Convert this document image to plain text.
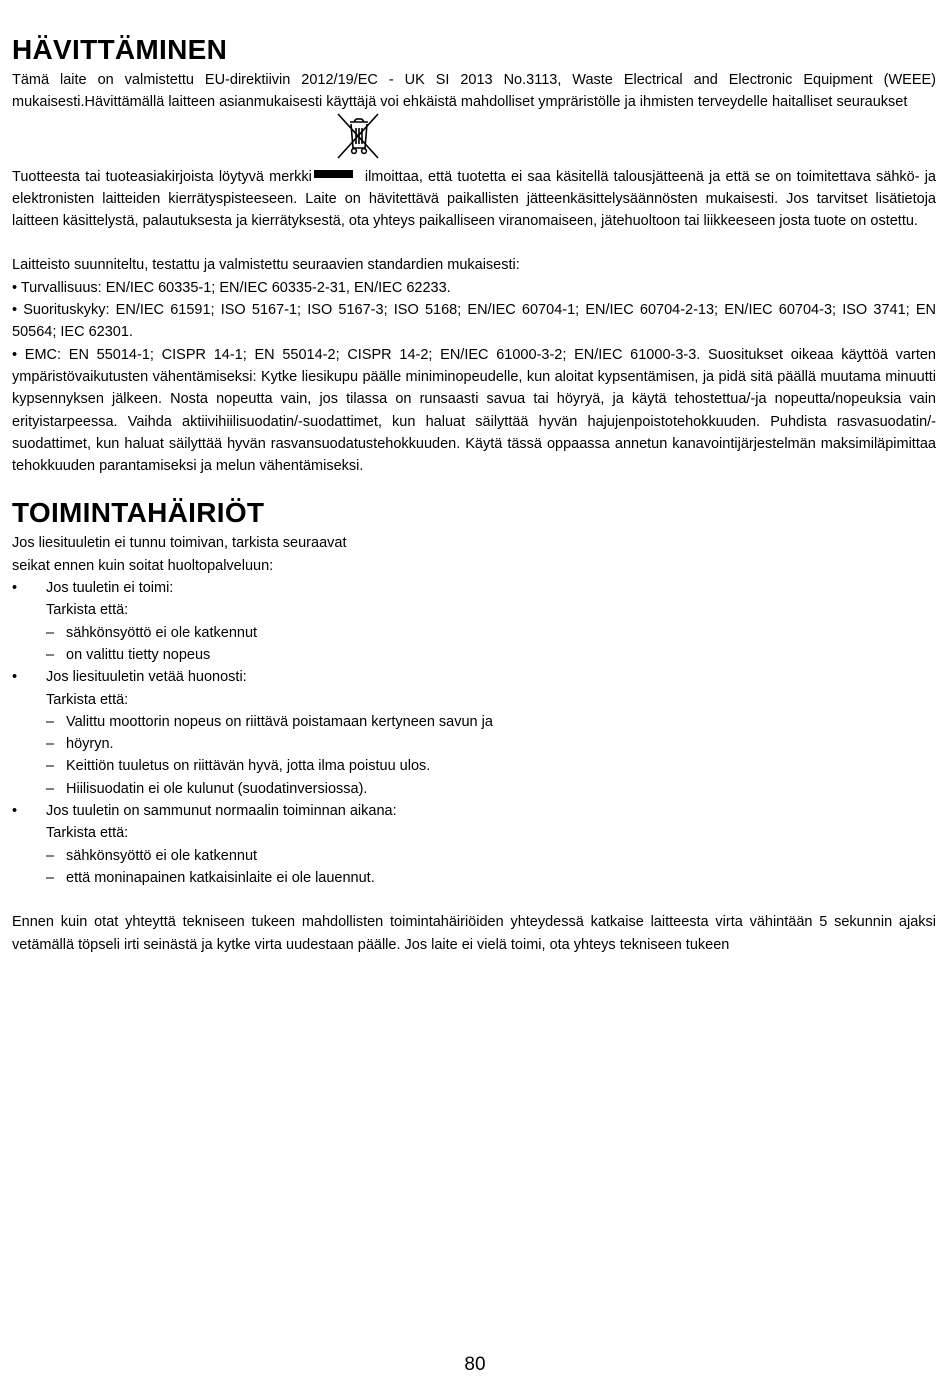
HÄVITTÄMINEN

Tämä laite on valmistettu EU-direktiivin 2012/19/EC - UK SI 2013 No.3113, Waste Electrical and Electronic Equipment (WEEE) mukaisesti.Hävittämällä laitteen asianmukaisesti käyttäjä voi ehkäistä mahdolliset ympräristölle ja ihmisten terveydelle haitalliset seuraukset

Tuotteesta tai tuoteasiakirjoista löytyvä merkki	ilmoittaa, että tuotetta ei saa käsitellä talousjätteenä ja että se on toimitettava sähkö- ja elektronisten laitteiden kierrätyspisteeseen. Laite on hävitettävä paikallisten jätteenkäsittelysäännösten mukaisesti. Jos tarvitset lisätietoja laitteen käsittelystä, palautuksesta ja kierrätyksestä, ota yhteys paikalliseen viranomaiseen, jätehuoltoon tai liikkeeseen josta tuote on ostettu.

Laitteisto suunniteltu, testattu ja valmistettu seuraavien standardien mukaisesti:

• Turvallisuus: EN/IEC 60335-1; EN/IEC 60335-2-31, EN/IEC 62233.

• Suorituskyky: EN/IEC 61591; ISO 5167-1; ISO 5167-3; ISO 5168; EN/IEC 60704-1; EN/IEC 60704-2-13; EN/IEC 60704-3; ISO 3741; EN 50564; IEC 62301.

• EMC: EN 55014-1; CISPR 14-1; EN 55014-2; CISPR 14-2; EN/IEC 61000-3-2; EN/IEC 61000-3-3. Suositukset oikeaa käyttöä varten ympäristövaikutusten vähentämiseksi: Kytke liesikupu päälle miniminopeudelle, kun aloitat kypsentämisen, ja pidä sitä päällä muutama minuutti kypsennyksen jälkeen. Nosta nopeutta vain, jos tilassa on runsaasti savua tai höyryä, ja käytä tehostettua/-ja nopeutta/nopeuksia vain erityistarpeessa. Vaihda aktiivihiilisuodatin/-suodattimet, kun haluat säilyttää hyvän hajujenpoistotehokkuuden. Puhdista rasvasuodatin/-suodattimet, kun haluat säilyttää hyvän rasvansuodatustehokkuuden. Käytä tässä oppaassa annetun kanavointijärjestelmän maksimiläpimittaa tehokkuuden parantamiseksi ja melun vähentämiseksi.

TOIMINTAHÄIRIÖT

Jos liesituuletin ei tunnu toimivan, tarkista seuraavat

seikat ennen kuin soitat huoltopalveluun:

• Jos tuuletin ei toimi:
Tarkista että:
– sähkönsyöttö ei ole katkennut
– on valittu tietty nopeus
• Jos liesituuletin vetää huonosti:
Tarkista että:
– Valittu moottorin nopeus on riittävä poistamaan kertyneen savun ja
– höyryn.
– Keittiön tuuletus on riittävän hyvä, jotta ilma poistuu ulos.
– Hiilisuodatin ei ole kulunut (suodatinversiossa).
• Jos tuuletin on sammunut normaalin toiminnan aikana:
Tarkista että:
– sähkönsyöttö ei ole katkennut
– että moninapainen katkaisinlaite ei ole lauennut.

Ennen kuin otat yhteyttä tekniseen tukeen mahdollisten toimintahäiriöiden yhteydessä katkaise laitteesta virta vähintään 5 sekunnin ajaksi vetämällä töpseli irti seinästä ja kytke virta uudestaan päälle. Jos laite ei vielä toimi, ota yhteys tekniseen tukeen

80
